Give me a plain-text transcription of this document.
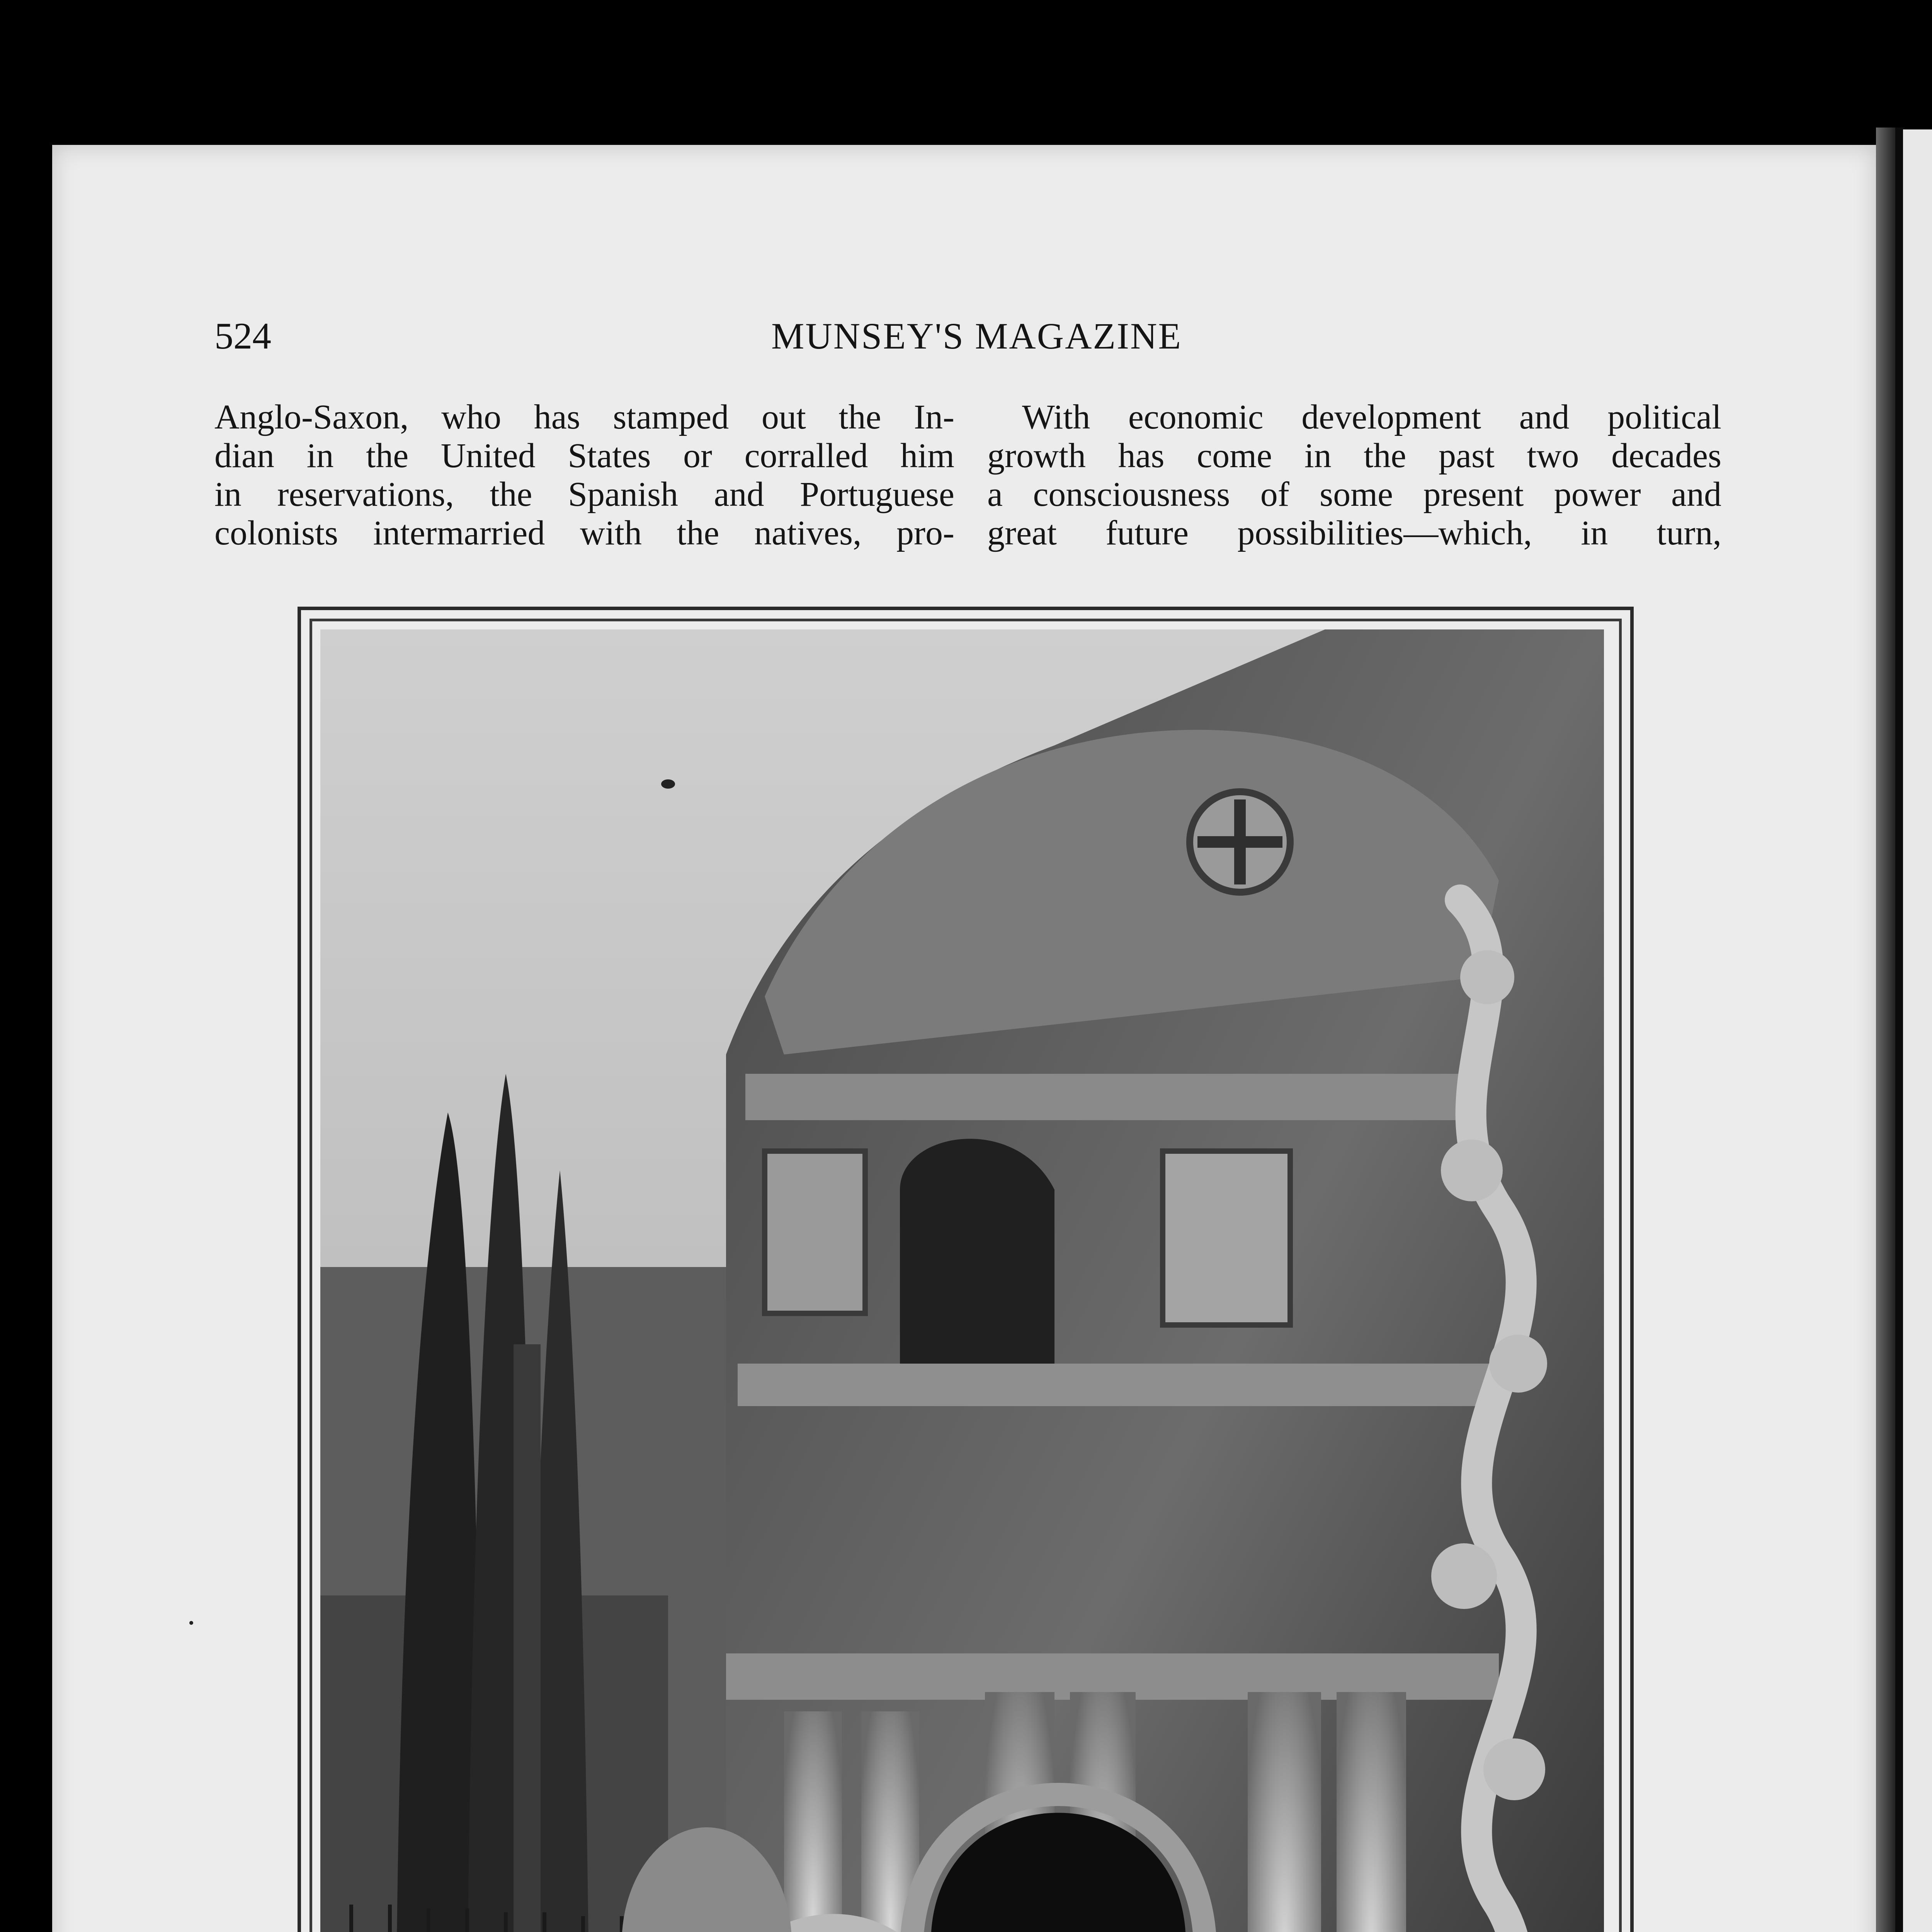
524	MUNSEY'S MAGAZINE
Anglo-Saxon, who has stamped out the In-
dian in the United States or corralled him
in reservations, the Spanish and Portuguese
colonists intermarried with the natives, pro-
With economic development and political
growth has come in the past two decades
a consciousness of some present power and
great future possibilities—which, in turn,
